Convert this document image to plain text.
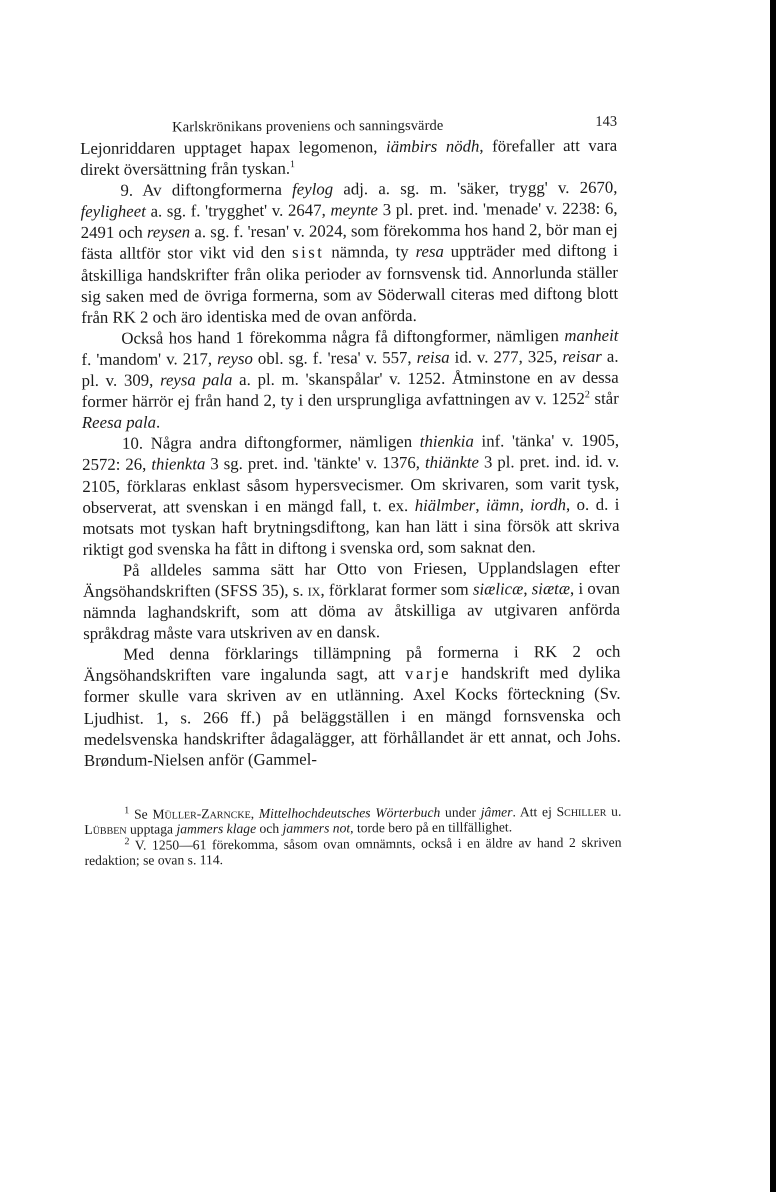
Karlskrönikans proveniens och sanningsvärde	143

Lejonriddaren upptaget hapax legomenon, iämbirs nödh, förefaller att vara direkt översättning från tyskan.$^1$

9. Av diftongformerna feylog adj. a. sg. m. 'säker, trygg' v. 2670, feyligheet a. sg. f. 'trygghet' v. 2647, meynte 3 pl. pret. ind. 'menade' v. 2238: 6, 2491 och reysen a. sg. f. 'resan' v. 2024, som förekomma hos hand 2, bör man ej fästa alltför stor vikt vid den sist nämnda, ty resa uppträder med diftong i åtskilliga handskrifter från olika perioder av fornsvensk tid. Annorlunda ställer sig saken med de övriga formerna, som av Söderwall citeras med diftong blott från RK 2 och äro identiska med de ovan anförda.

Också hos hand 1 förekomma några få diftongformer, nämligen manheit f. 'mandom' v. 217, reyso obl. sg. f. 'resa' v. 557, reisa id. v. 277, 325, reisar a. pl. v. 309, reysa pala a. pl. m. 'skanspålar' v. 1252. Åtminstone en av dessa former härrör ej från hand 2, ty i den ursprungliga avfattningen av v. 1252$^2$ står Reesa pala.

10. Några andra diftongformer, nämligen thienkia inf. 'tänka' v. 1905, 2572: 26, thienkta 3 sg. pret. ind. 'tänkte' v. 1376, thiänkte 3 pl. pret. ind. id. v. 2105, förklaras enklast såsom hypersvecismer. Om skrivaren, som varit tysk, observerat, att svenskan i en mängd fall, t. ex. hiälmber, iämn, iordh, o. d. i motsats mot tyskan haft brytningsdiftong, kan han lätt i sina försök att skriva riktigt god svenska ha fått in diftong i svenska ord, som saknat den.

På alldeles samma sätt har Otto von Friesen, Upplandslagen efter Ängsöhandskriften (SFSS 35), s. ix, förklarat former som siælicæ, siætæ, i ovan nämnda laghandskrift, som att döma av åtskilliga av utgivaren anförda språkdrag måste vara utskriven av en dansk.

Med denna förklarings tillämpning på formerna i RK 2 och Ängsöhandskriften vare ingalunda sagt, att varje handskrift med dylika former skulle vara skriven av en utlänning. Axel Kocks förteckning (Sv. Ljudhist. 1, s. 266 ff.) på beläggställen i en mängd fornsvenska och medelsvenska handskrifter ådagalägger, att förhållandet är ett annat, och Johs. Brøndum-Nielsen anför (Gammel-

$^1$ Se Müller-Zarncke, Mittelhochdeutsches Wörterbuch under jâmer. Att ej Schiller u. Lübben upptaga jammers klage och jammers not, torde bero på en tillfällighet.

$^2$ V. 1250—61 förekomma, såsom ovan omnämnts, också i en äldre av hand 2 skriven redaktion; se ovan s. 114.
